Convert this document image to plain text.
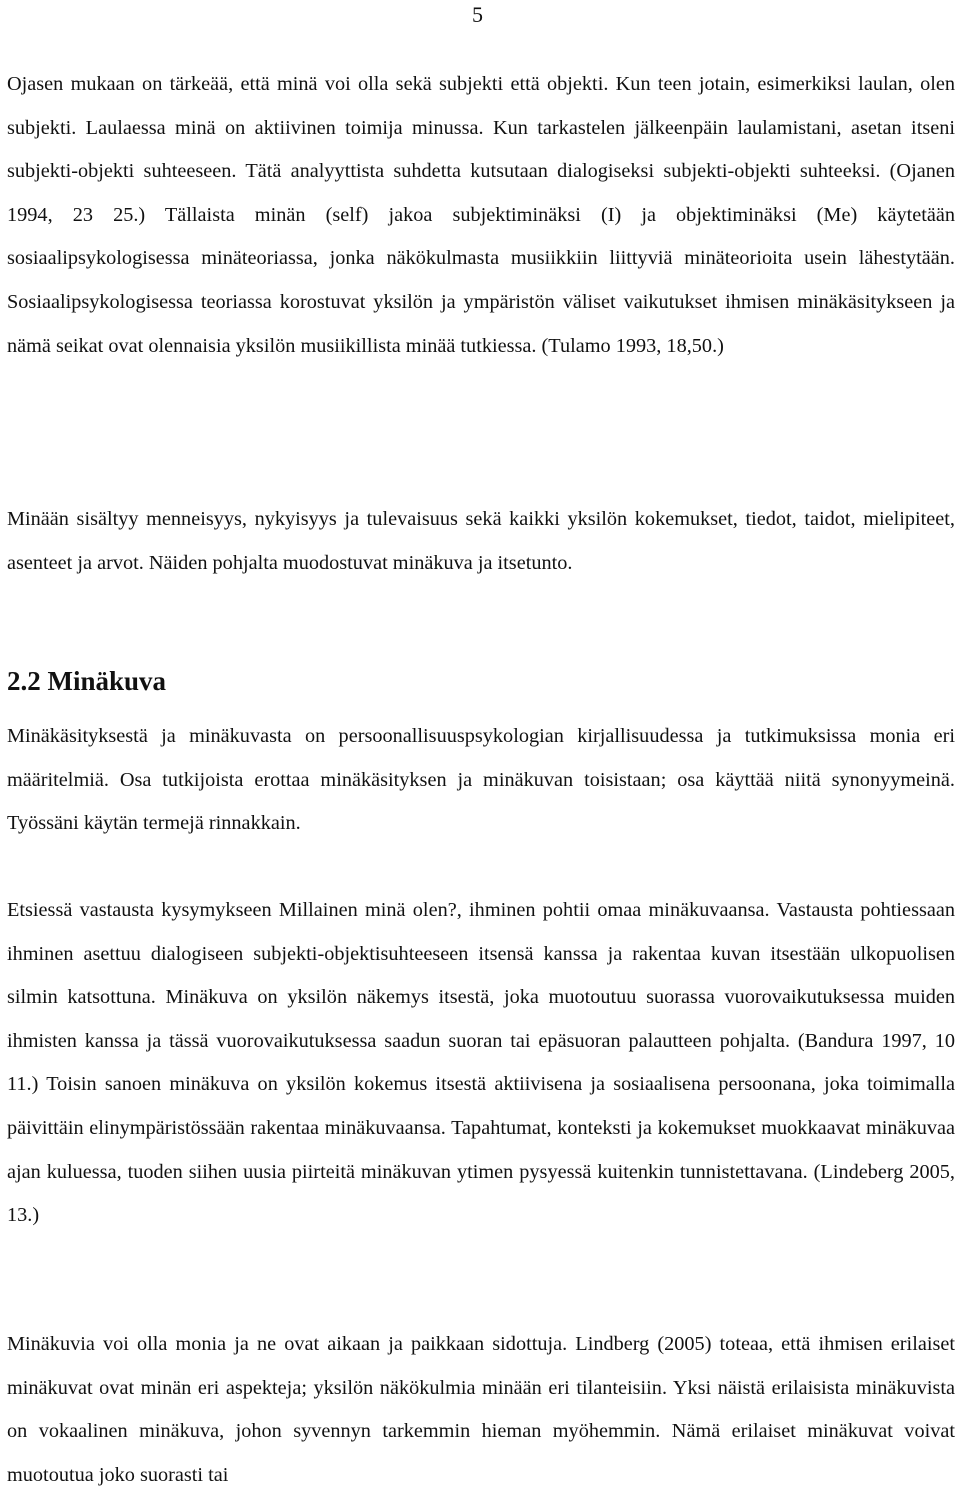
5

Ojasen mukaan on tärkeää, että minä voi olla sekä subjekti että objekti. Kun teen jotain, esimerkiksi laulan, olen subjekti. Laulaessa minä on aktiivinen toimija minussa. Kun tarkastelen jälkeenpäin laulamistani, asetan itseni subjekti-objekti suhteeseen. Tätä analyyttista suhdetta kutsutaan dialogiseksi subjekti-objekti suhteeksi. (Ojanen 1994, 23 25.) Tällaista minän (self) jakoa subjektiminäksi (I) ja objektiminäksi (Me) käytetään sosiaalipsykologisessa minäteoriassa, jonka näkökulmasta musiikkiin liittyviä minäteorioita usein lähestytään. Sosiaalipsykologisessa teoriassa korostuvat yksilön ja ympäristön väliset vaikutukset ihmisen minäkäsitykseen ja nämä seikat ovat olennaisia yksilön musiikillista minää tutkiessa. (Tulamo 1993, 18,50.)

Minään sisältyy menneisyys, nykyisyys ja tulevaisuus sekä kaikki yksilön kokemukset, tiedot, taidot, mielipiteet, asenteet ja arvot. Näiden pohjalta muodostuvat minäkuva ja itsetunto.

2.2 Minäkuva

Minäkäsityksestä ja minäkuvasta on persoonallisuuspsykologian kirjallisuudessa ja tutkimuksissa monia eri määritelmiä. Osa tutkijoista erottaa minäkäsityksen ja minäkuvan toisistaan; osa käyttää niitä synonyymeinä. Työssäni käytän termejä rinnakkain.

Etsiessä vastausta kysymykseen Millainen minä olen?, ihminen pohtii omaa minäkuvaansa. Vastausta pohtiessaan ihminen asettuu dialogiseen subjekti-objektisuhteeseen itsensä kanssa ja rakentaa kuvan itsestään ulkopuolisen silmin katsottuna. Minäkuva on yksilön näkemys itsestä, joka muotoutuu suorassa vuorovaikutuksessa muiden ihmisten kanssa ja tässä vuorovaikutuksessa saadun suoran tai epäsuoran palautteen pohjalta. (Bandura 1997, 10 11.) Toisin sanoen minäkuva on yksilön kokemus itsestä aktiivisena ja sosiaalisena persoonana, joka toimimalla päivittäin elinympäristössään rakentaa minäkuvaansa. Tapahtumat, konteksti ja kokemukset muokkaavat minäkuvaa ajan kuluessa, tuoden siihen uusia piirteitä minäkuvan ytimen pysyessä kuitenkin tunnistettavana. (Lindeberg 2005, 13.)

Minäkuvia voi olla monia ja ne ovat aikaan ja paikkaan sidottuja. Lindberg (2005) toteaa, että ihmisen erilaiset minäkuvat ovat minän eri aspekteja; yksilön näkökulmia minään eri tilanteisiin. Yksi näistä erilaisista minäkuvista on vokaalinen minäkuva, johon syvennyn tarkemmin hieman myöhemmin. Nämä erilaiset minäkuvat voivat muotoutua joko suorasti tai
